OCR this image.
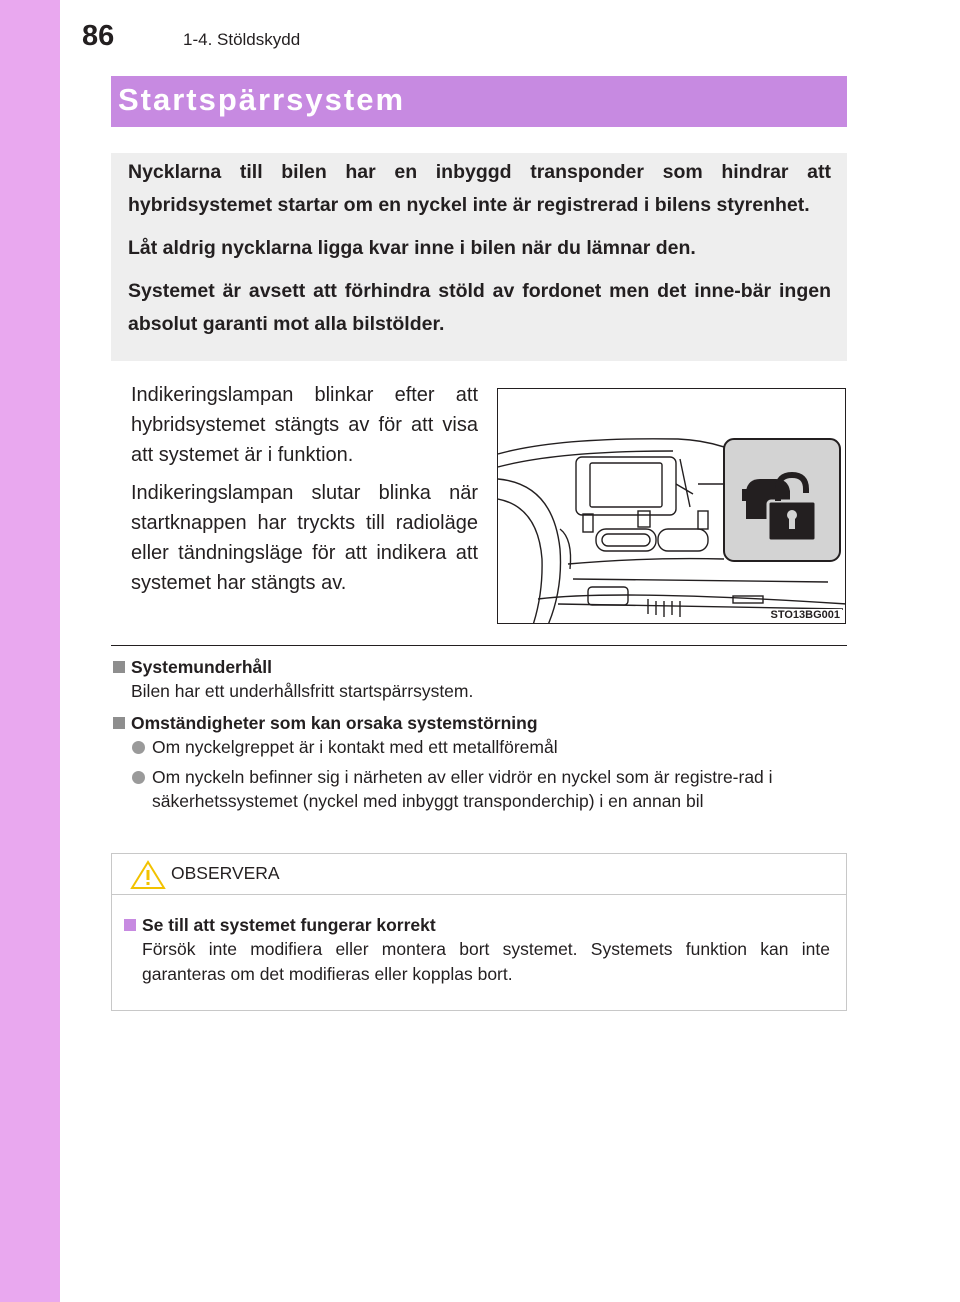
86	1-4. Stöldskydd
Startspärrsystem

Nycklarna till bilen har en inbyggd transponder som hindrar att hybridsystemet startar om en nyckel inte är registrerad i bilens styrenhet.

Låt aldrig nycklarna ligga kvar inne i bilen när du lämnar den.

Systemet är avsett att förhindra stöld av fordonet men det inne-bär ingen absolut garanti mot alla bilstölder.

Indikeringslampan blinkar efter att hybridsystemet stängts av för att visa att systemet är i funktion.

Indikeringslampan slutar blinka när startknappen har tryckts till radioläge eller tändningsläge för att indikera att systemet har stängts av.

STO13BG001
Systemunderhåll
Bilen har ett underhållsfritt startspärrsystem.
Omständigheter som kan orsaka systemstörning
Om nyckelgreppet är i kontakt med ett metallföremål
Om nyckeln befinner sig i närheten av eller vidrör en nyckel som är registre-rad i säkerhetssystemet (nyckel med inbyggt transponderchip) i en annan bil
OBSERVERA
Se till att systemet fungerar korrekt
Försök inte modifiera eller montera bort systemet. Systemets funktion kan inte garanteras om det modifieras eller kopplas bort.
